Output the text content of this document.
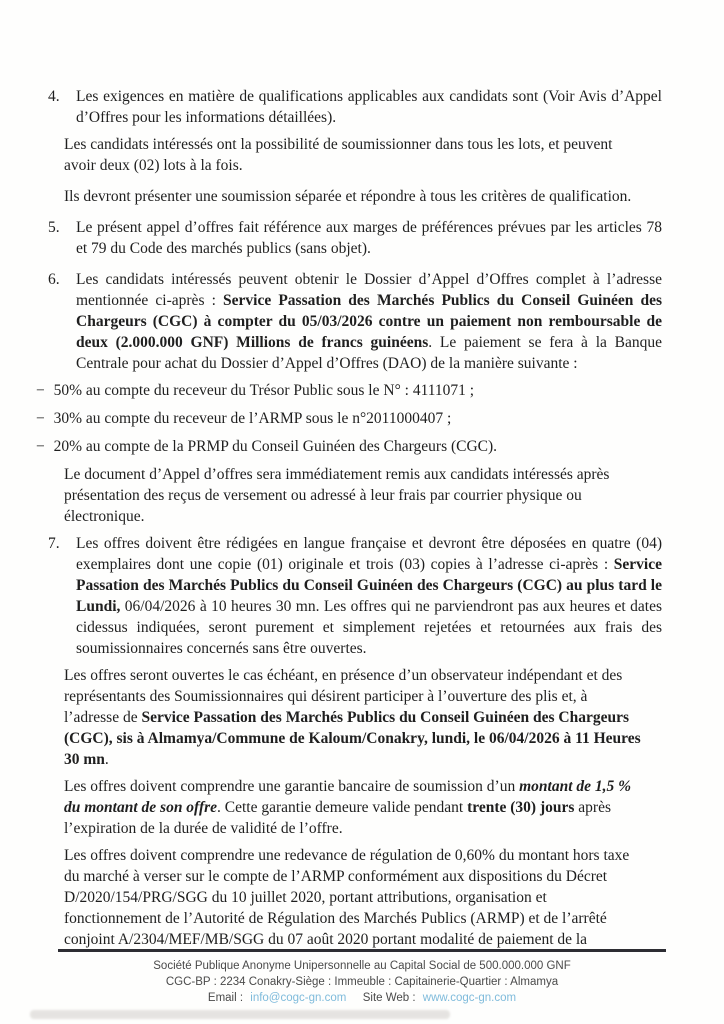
4.	Les exigences en matière de qualifications applicables aux candidats sont (Voir Avis d’Appel d’Offres pour les informations détaillées).
Les candidats intéressés ont la possibilité de soumissionner dans tous les lots, et peuvent avoir deux (02) lots à la fois.
Ils devront présenter une soumission séparée et répondre à tous les critères de qualification.
5.	Le présent appel d’offres fait référence aux marges de préférences prévues par les articles 78 et 79 du Code des marchés publics (sans objet).
6.	Les candidats intéressés peuvent obtenir le Dossier d’Appel d’Offres complet à l’adresse mentionnée ci-après : Service Passation des Marchés Publics du Conseil Guinéen des Chargeurs (CGC) à compter du 05/03/2026 contre un paiement non remboursable de deux (2.000.000 GNF) Millions de francs guinéens. Le paiement se fera à la Banque Centrale pour achat du Dossier d’Appel d’Offres (DAO) de la manière suivante :
− 50% au compte du receveur du Trésor Public sous le N° : 4111071 ;
− 30% au compte du receveur de l’ARMP sous le n°2011000407 ;
− 20% au compte de la PRMP du Conseil Guinéen des Chargeurs (CGC).
Le document d’Appel d’offres sera immédiatement remis aux candidats intéressés après présentation des reçus de versement ou adressé à leur frais par courrier physique ou électronique.
7.	Les offres doivent être rédigées en langue française et devront être déposées en quatre (04) exemplaires dont une copie (01) originale et trois (03) copies à l’adresse ci-après : Service Passation des Marchés Publics du Conseil Guinéen des Chargeurs (CGC) au plus tard le Lundi, 06/04/2026 à 10 heures 30 mn. Les offres qui ne parviendront pas aux heures et dates cidessus indiquées, seront purement et simplement rejetées et retournées aux frais des soumissionnaires concernés sans être ouvertes.
Les offres seront ouvertes le cas échéant, en présence d’un observateur indépendant et des représentants des Soumissionnaires qui désirent participer à l’ouverture des plis et, à l’adresse de Service Passation des Marchés Publics du Conseil Guinéen des Chargeurs (CGC), sis à Almamya/Commune de Kaloum/Conakry, lundi, le 06/04/2026 à 11 Heures 30 mn.
Les offres doivent comprendre une garantie bancaire de soumission d’un montant de 1,5 % du montant de son offre. Cette garantie demeure valide pendant trente (30) jours après l’expiration de la durée de validité de l’offre.
Les offres doivent comprendre une redevance de régulation de 0,60% du montant hors taxe du marché à verser sur le compte de l’ARMP conformément aux dispositions du Décret D/2020/154/PRG/SGG du 10 juillet 2020, portant attributions, organisation et fonctionnement de l’Autorité de Régulation des Marchés Publics (ARMP) et de l’arrêté conjoint A/2304/MEF/MB/SGG du 07 août 2020 portant modalité de paiement de la
Société Publique Anonyme Unipersonnelle au Capital Social de 500.000.000 GNF
CGC-BP : 2234 Conakry-Siège : Immeuble : Capitainerie-Quartier : Almamya
Email : info@cogc-gn.com Site Web : www.cogc-gn.com
